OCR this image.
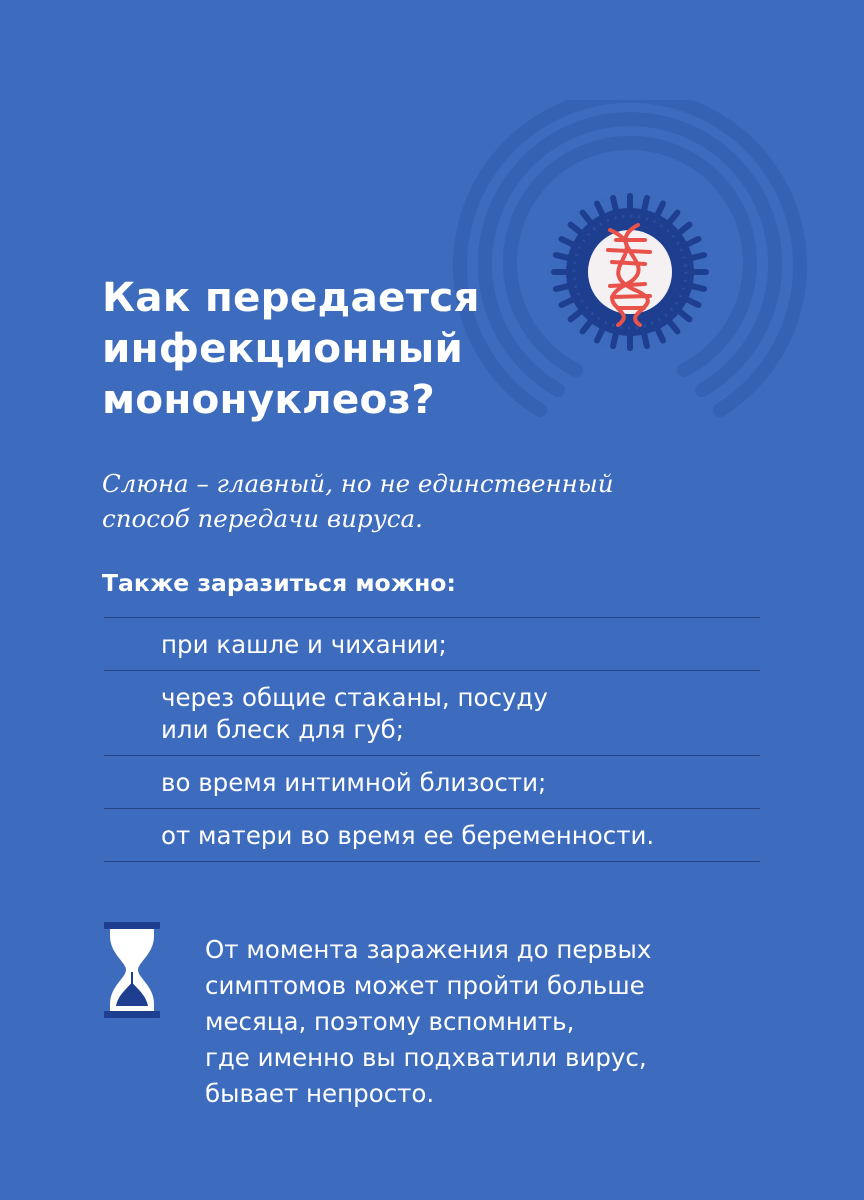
Как передается
инфекционный
мононуклеоз?

Слюна – главный, но не единственный
способ передачи вируса.

Также заразиться можно:
при кашле и чихании;
через общие стаканы, посуду
или блеск для губ;
во время интимной близости;
от матери во время ее беременности.

От момента заражения до первых
симптомов может пройти больше
месяца, поэтому вспомнить,
где именно вы подхватили вирус,
бывает непросто.
